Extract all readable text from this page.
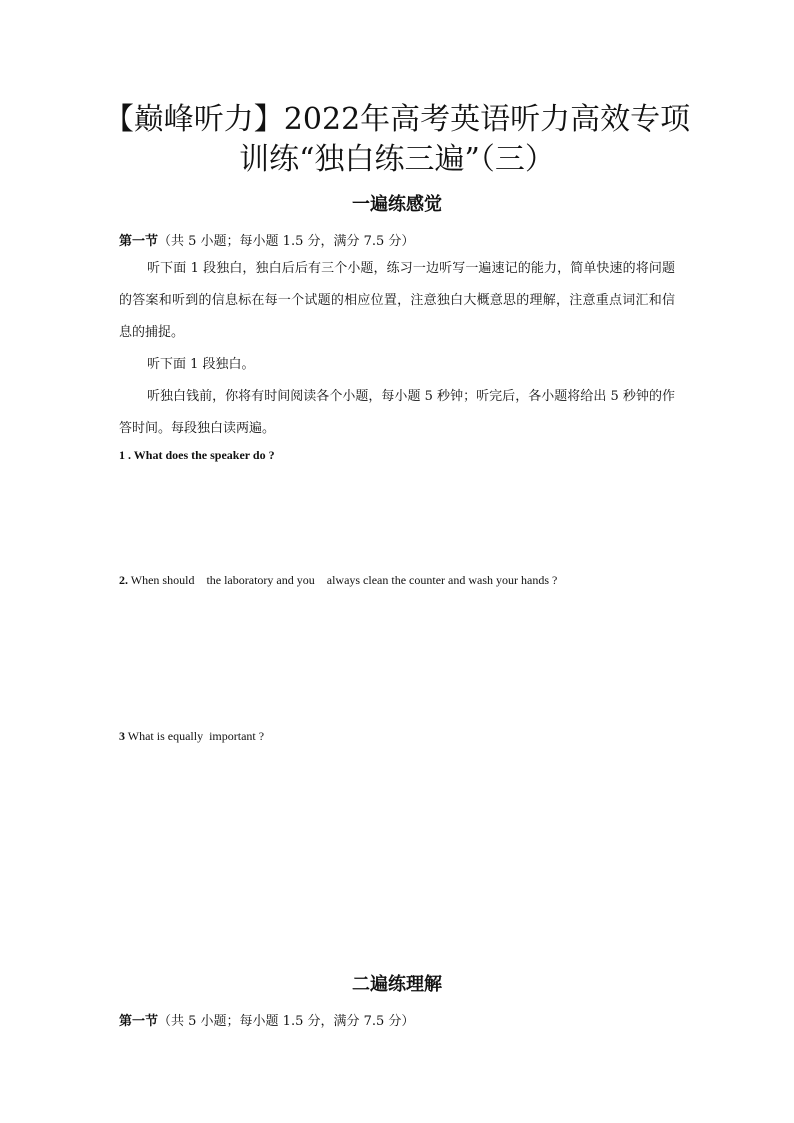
【巅峰听力】2022年高考英语听力高效专项
训练“独白练三遍”（三）
一遍练感觉

第一节（共 5 小题；每小题 1.5 分，满分 7.5 分）

听下面 1 段独白，独白后后有三个小题，练习一边听写一遍速记的能力，简单快速的将问题的答案和听到的信息标在每一个试题的相应位置，注意独白大概意思的理解，注意重点词汇和信息的捕捉。

听下面 1 段独白。

听独白钱前，你将有时间阅读各个小题，每小题 5 秒钟；听完后，各小题将给出 5 秒钟的作答时间。每段独白读两遍。

1 . What does the speaker do ?

2. When should    the laboratory and you    always clean the counter and wash your hands ?

3 What is equally  important ?

二遍练理解

第一节（共 5 小题；每小题 1.5 分，满分 7.5 分）
